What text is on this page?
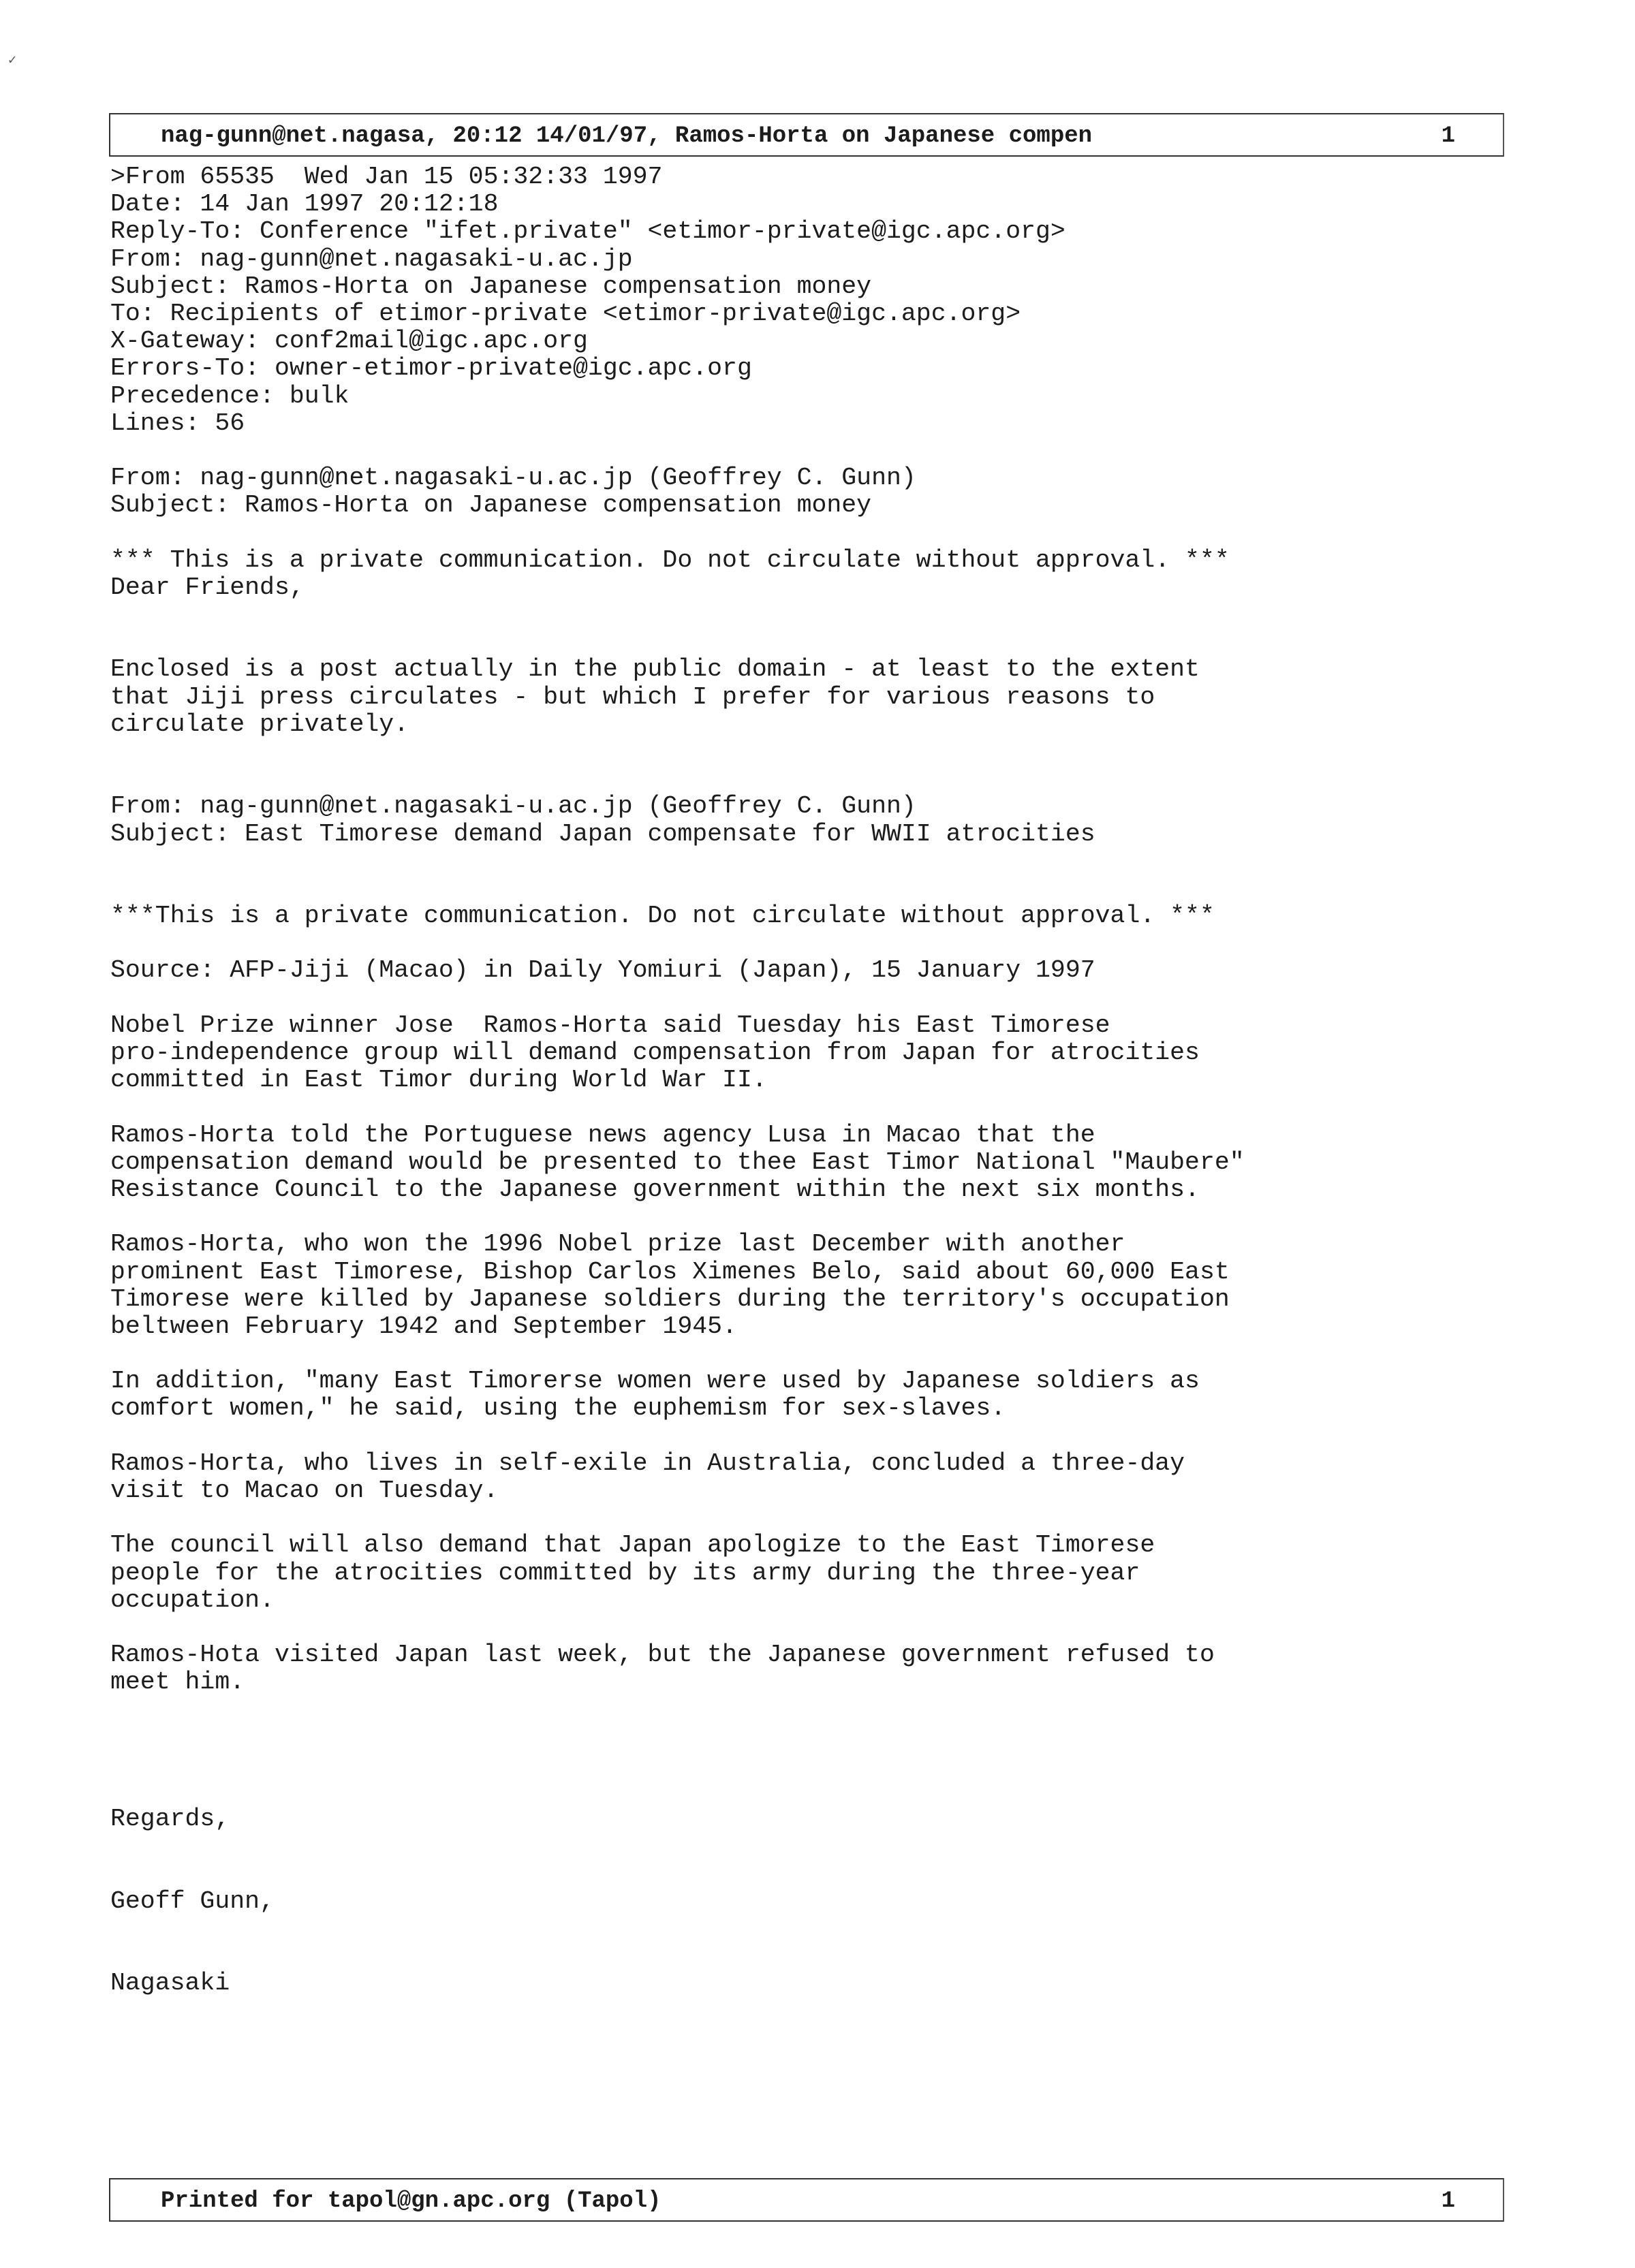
✓
nag-gunn@net.nagasa, 20:12 14/01/97, Ramos-Horta on Japanese compen	1
>From 65535  Wed Jan 15 05:32:33 1997
Date: 14 Jan 1997 20:12:18
Reply-To: Conference "ifet.private" <etimor-private@igc.apc.org>
From: nag-gunn@net.nagasaki-u.ac.jp
Subject: Ramos-Horta on Japanese compensation money
To: Recipients of etimor-private <etimor-private@igc.apc.org>
X-Gateway: conf2mail@igc.apc.org
Errors-To: owner-etimor-private@igc.apc.org
Precedence: bulk
Lines: 56
From: nag-gunn@net.nagasaki-u.ac.jp (Geoffrey C. Gunn)
Subject: Ramos-Horta on Japanese compensation money
*** This is a private communication. Do not circulate without approval. ***
Dear Friends,
Enclosed is a post actually in the public domain - at least to the extent
that Jiji press circulates - but which I prefer for various reasons to
circulate privately.
From: nag-gunn@net.nagasaki-u.ac.jp (Geoffrey C. Gunn)
Subject: East Timorese demand Japan compensate for WWII atrocities
***This is a private communication. Do not circulate without approval. ***
Source: AFP-Jiji (Macao) in Daily Yomiuri (Japan), 15 January 1997
Nobel Prize winner Jose  Ramos-Horta said Tuesday his East Timorese
pro-independence group will demand compensation from Japan for atrocities
committed in East Timor during World War II.
Ramos-Horta told the Portuguese news agency Lusa in Macao that the
compensation demand would be presented to thee East Timor National "Maubere"
Resistance Council to the Japanese government within the next six months.
Ramos-Horta, who won the 1996 Nobel prize last December with another
prominent East Timorese, Bishop Carlos Ximenes Belo, said about 60,000 East
Timorese were killed by Japanese soldiers during the territory's occupation
beltween February 1942 and September 1945.
In addition, "many East Timorerse women were used by Japanese soldiers as
comfort women," he said, using the euphemism for sex-slaves.
Ramos-Horta, who lives in self-exile in Australia, concluded a three-day
visit to Macao on Tuesday.
The council will also demand that Japan apologize to the East Timorese
people for the atrocities committed by its army during the three-year
occupation.
Ramos-Hota visited Japan last week, but the Japanese government refused to
meet him.
Regards,
Geoff Gunn,
Nagasaki
Printed for tapol@gn.apc.org (Tapol)	1
